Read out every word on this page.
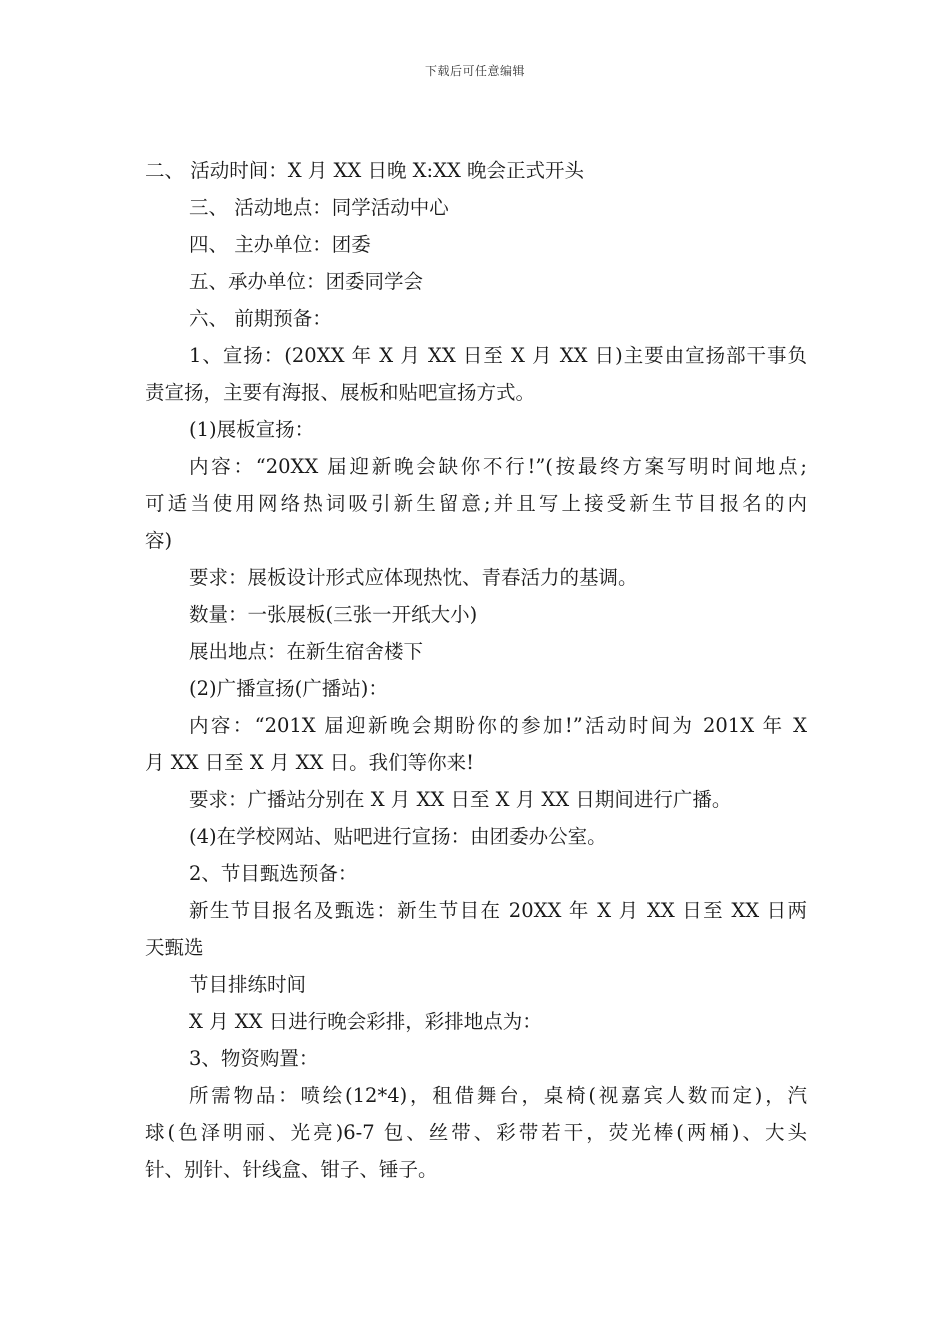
下载后可任意编辑
二、 活动时间：X 月 XX 日晚 X:XX 晚会正式开头
三、 活动地点：同学活动中心
四、 主办单位：团委
五、承办单位：团委同学会
六、 前期预备：
1、宣扬：(20XX 年 X 月 XX 日至 X 月 XX 日)主要由宣扬部干事负
责宣扬，主要有海报、展板和贴吧宣扬方式。
(1)展板宣扬：
内容：“20XX 届迎新晚会缺你不行!”(按最终方案写明时间地点;
可适当使用网络热词吸引新生留意;并且写上接受新生节目报名的内
容)
要求：展板设计形式应体现热忱、青春活力的基调。
数量：一张展板(三张一开纸大小)
展出地点：在新生宿舍楼下
(2)广播宣扬(广播站)：
内容：“201X 届迎新晚会期盼你的参加!”活动时间为 201X 年 X
月 XX 日至 X 月 XX 日。我们等你来!
要求：广播站分别在 X 月 XX 日至 X 月 XX 日期间进行广播。
(4)在学校网站、贴吧进行宣扬：由团委办公室。
2、节目甄选预备：
新生节目报名及甄选：新生节目在 20XX 年 X 月 XX 日至 XX 日两
天甄选
节目排练时间
X 月 XX 日进行晚会彩排，彩排地点为：
3、物资购置：
所需物品：喷绘(12*4)，租借舞台，桌椅(视嘉宾人数而定)，汽
球(色泽明丽、光亮)6-7 包、丝带、彩带若干，荧光棒(两桶)、大头
针、别针、针线盒、钳子、锤子。
